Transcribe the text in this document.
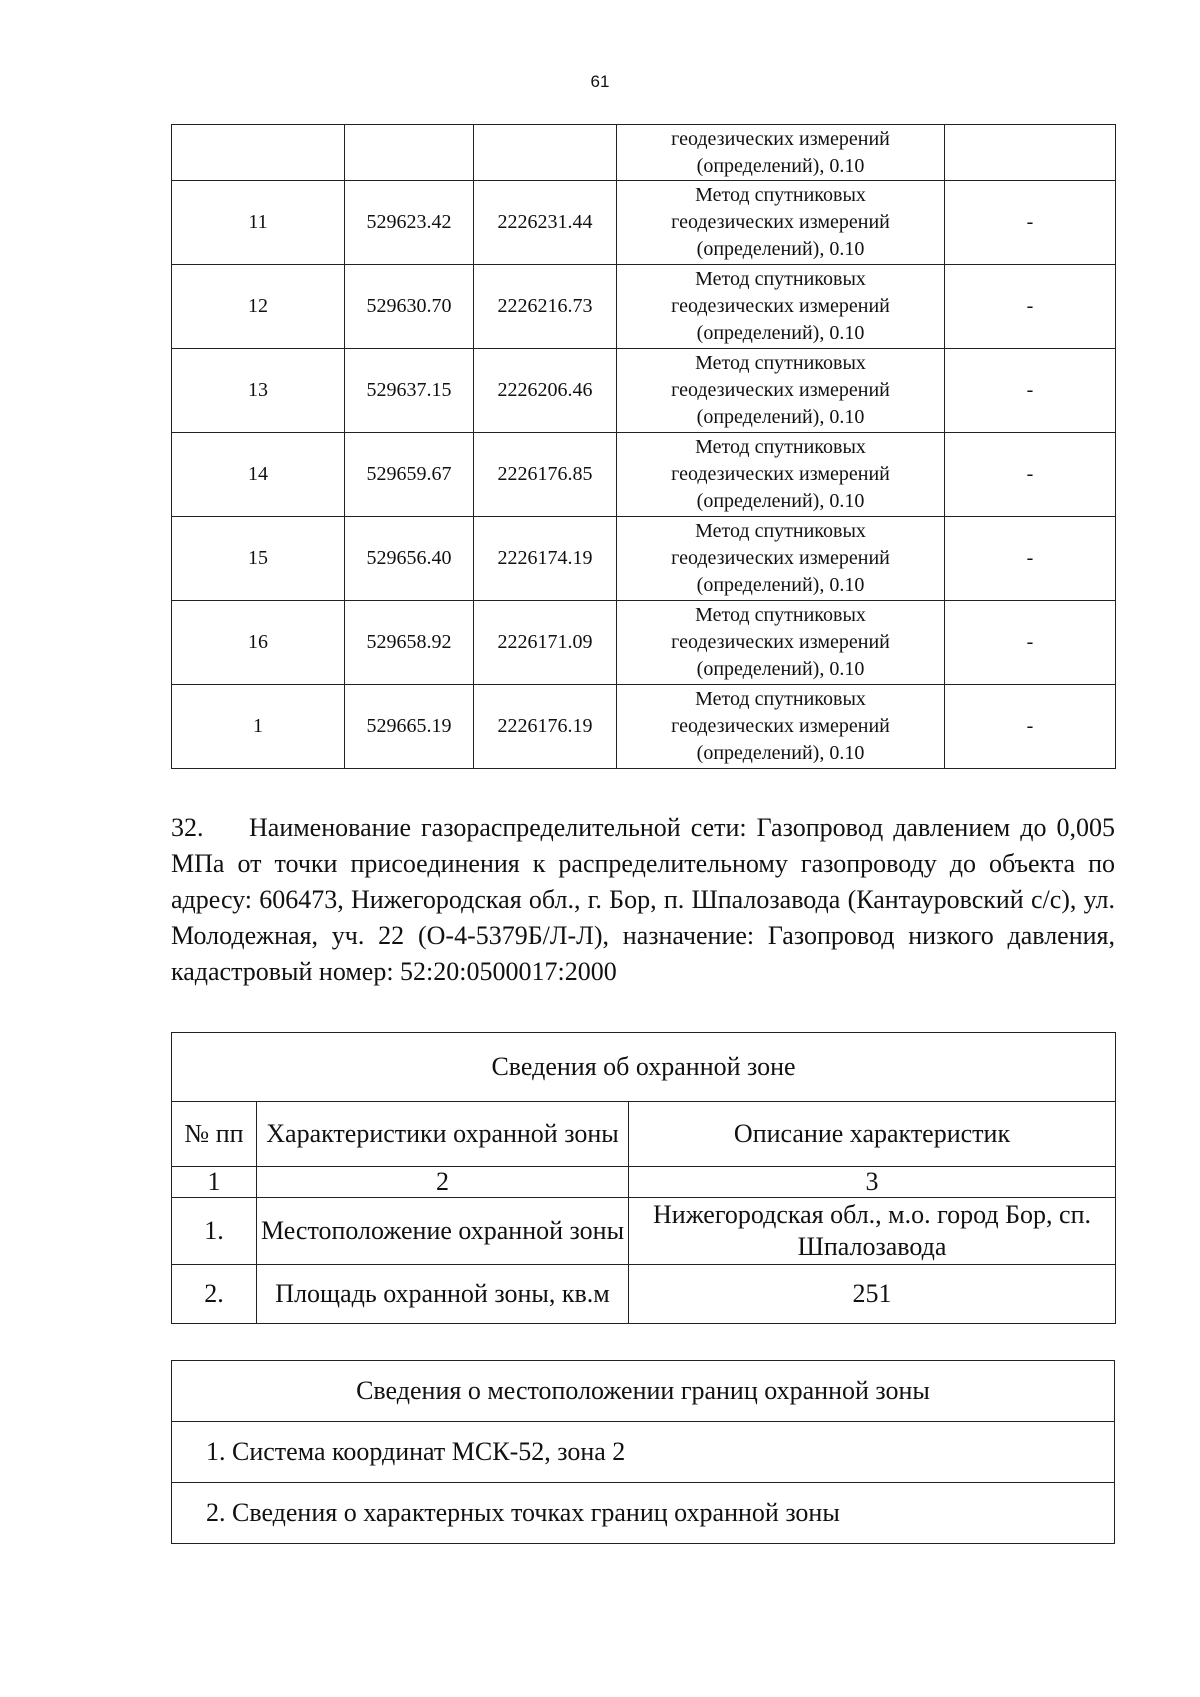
61

			геодезических измерений
(определений), 0.10	

11	529623.42	2226231.44	Метод спутниковых
геодезических измерений
(определений), 0.10	-
12	529630.70	2226216.73	Метод спутниковых
геодезических измерений
(определений), 0.10	-
13	529637.15	2226206.46	Метод спутниковых
геодезических измерений
(определений), 0.10	-
14	529659.67	2226176.85	Метод спутниковых
геодезических измерений
(определений), 0.10	-
15	529656.40	2226174.19	Метод спутниковых
геодезических измерений
(определений), 0.10	-
16	529658.92	2226171.09	Метод спутниковых
геодезических измерений
(определений), 0.10	-
1	529665.19	2226176.19	Метод спутниковых
геодезических измерений
(определений), 0.10	-

32. Наименование газораспределительной сети: Газопровод давлением до 0,005 МПа от точки присоединения к распределительному газопроводу до объекта по адресу: 606473, Нижегородская обл., г. Бор, п. Шпалозавода (Кантауровский с/с), ул. Молодежная, уч. 22 (О-4-5379Б/Л-Л), назначение: Газопровод низкого давления, кадастровый номер: 52:20:0500017:2000

Сведения об охранной зоне		
№ пп	Характеристики охранной зоны	Описание характеристик
1	2	3
1.	Местоположение охранной зоны	Нижегородская обл., м.о. город Бор, сп. Шпалозавода
2.	Площадь охранной зоны, кв.м	251
Сведения о местоположении границ охранной зоны
1. Система координат МСК-52, зона 2
2. Сведения о характерных точках границ охранной зоны
